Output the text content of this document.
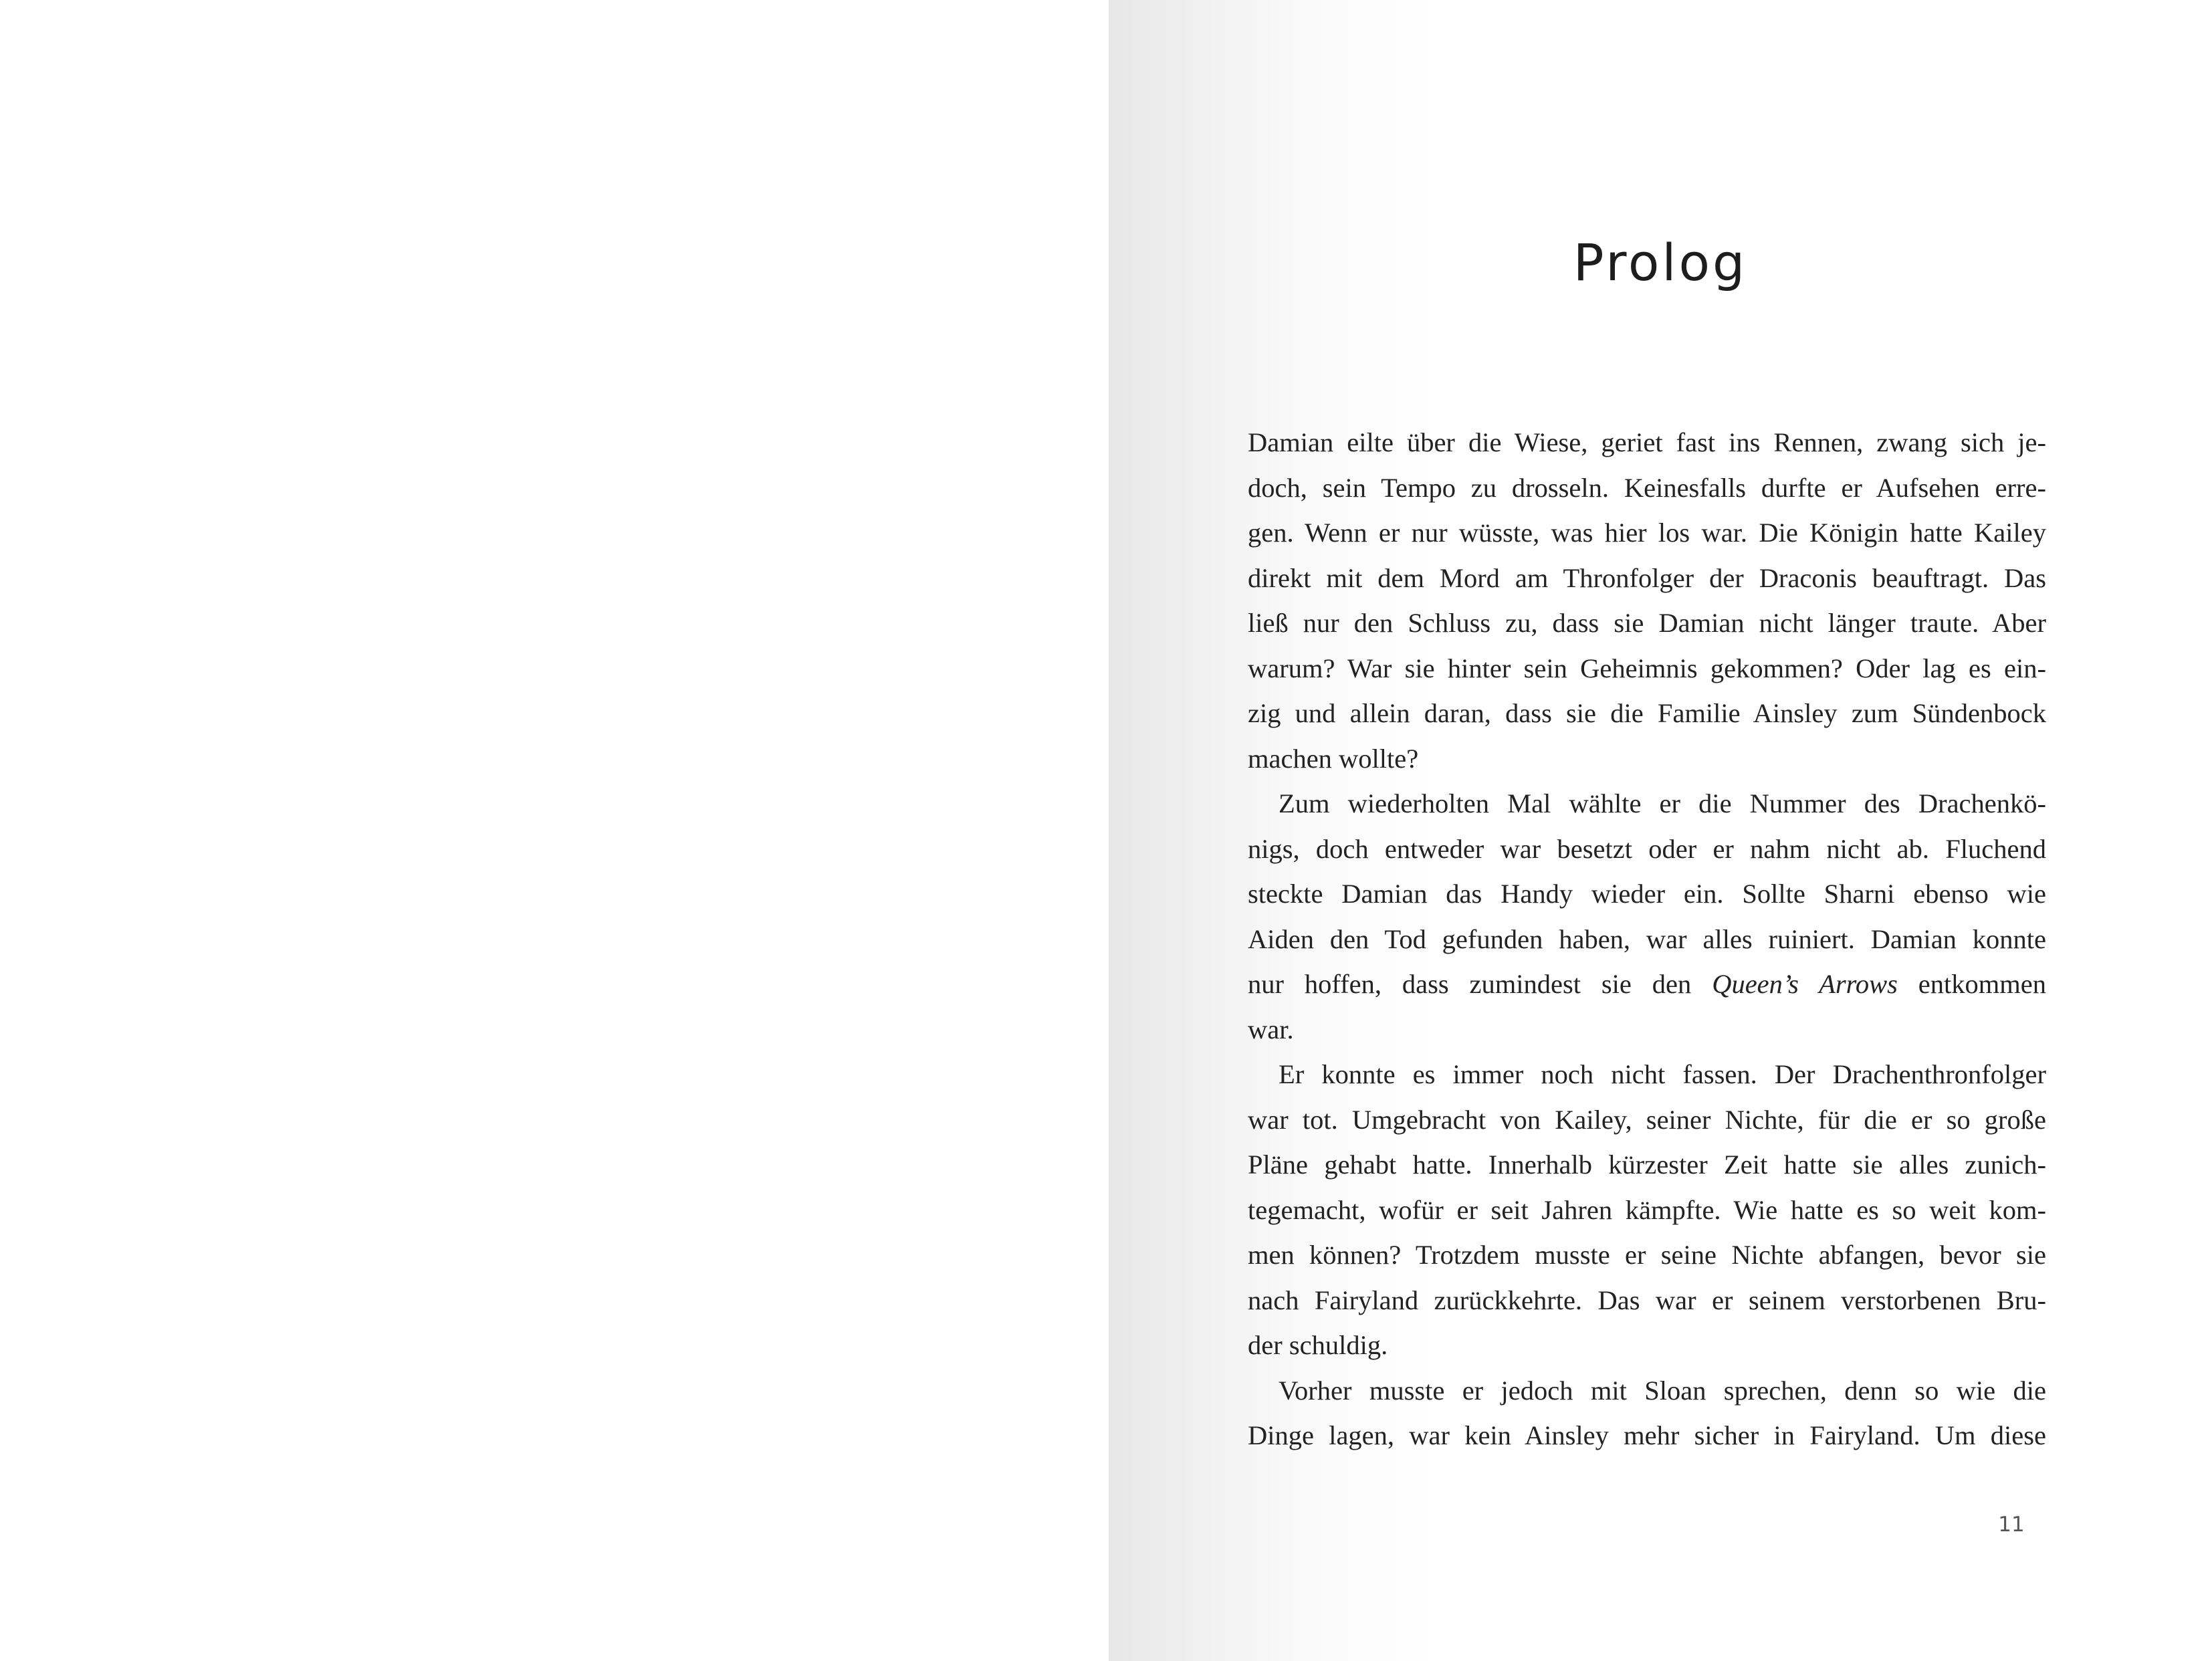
Prolog
Damian eilte über die Wiese, geriet fast ins Rennen, zwang sich je-
doch, sein Tempo zu drosseln. Keinesfalls durfte er Aufsehen erre-
gen. Wenn er nur wüsste, was hier los war. Die Königin hatte Kailey
direkt mit dem Mord am Thronfolger der Draconis beauftragt. Das
ließ nur den Schluss zu, dass sie Damian nicht länger traute. Aber
warum? War sie hinter sein Geheimnis gekommen? Oder lag es ein-
zig und allein daran, dass sie die Familie Ainsley zum Sündenbock
machen wollte?
Zum wiederholten Mal wählte er die Nummer des Drachenkö-
nigs, doch entweder war besetzt oder er nahm nicht ab. Fluchend
steckte Damian das Handy wieder ein. Sollte Sharni ebenso wie
Aiden den Tod gefunden haben, war alles ruiniert. Damian konnte
nur hoffen, dass zumindest sie den Queen’s Arrows entkommen
war.
Er konnte es immer noch nicht fassen. Der Drachenthronfolger
war tot. Umgebracht von Kailey, seiner Nichte, für die er so große
Pläne gehabt hatte. Innerhalb kürzester Zeit hatte sie alles zunich-
tegemacht, wofür er seit Jahren kämpfte. Wie hatte es so weit kom-
men können? Trotzdem musste er seine Nichte abfangen, bevor sie
nach Fairyland zurückkehrte. Das war er seinem verstorbenen Bru-
der schuldig.
Vorher musste er jedoch mit Sloan sprechen, denn so wie die
Dinge lagen, war kein Ainsley mehr sicher in Fairyland. Um diese
11
